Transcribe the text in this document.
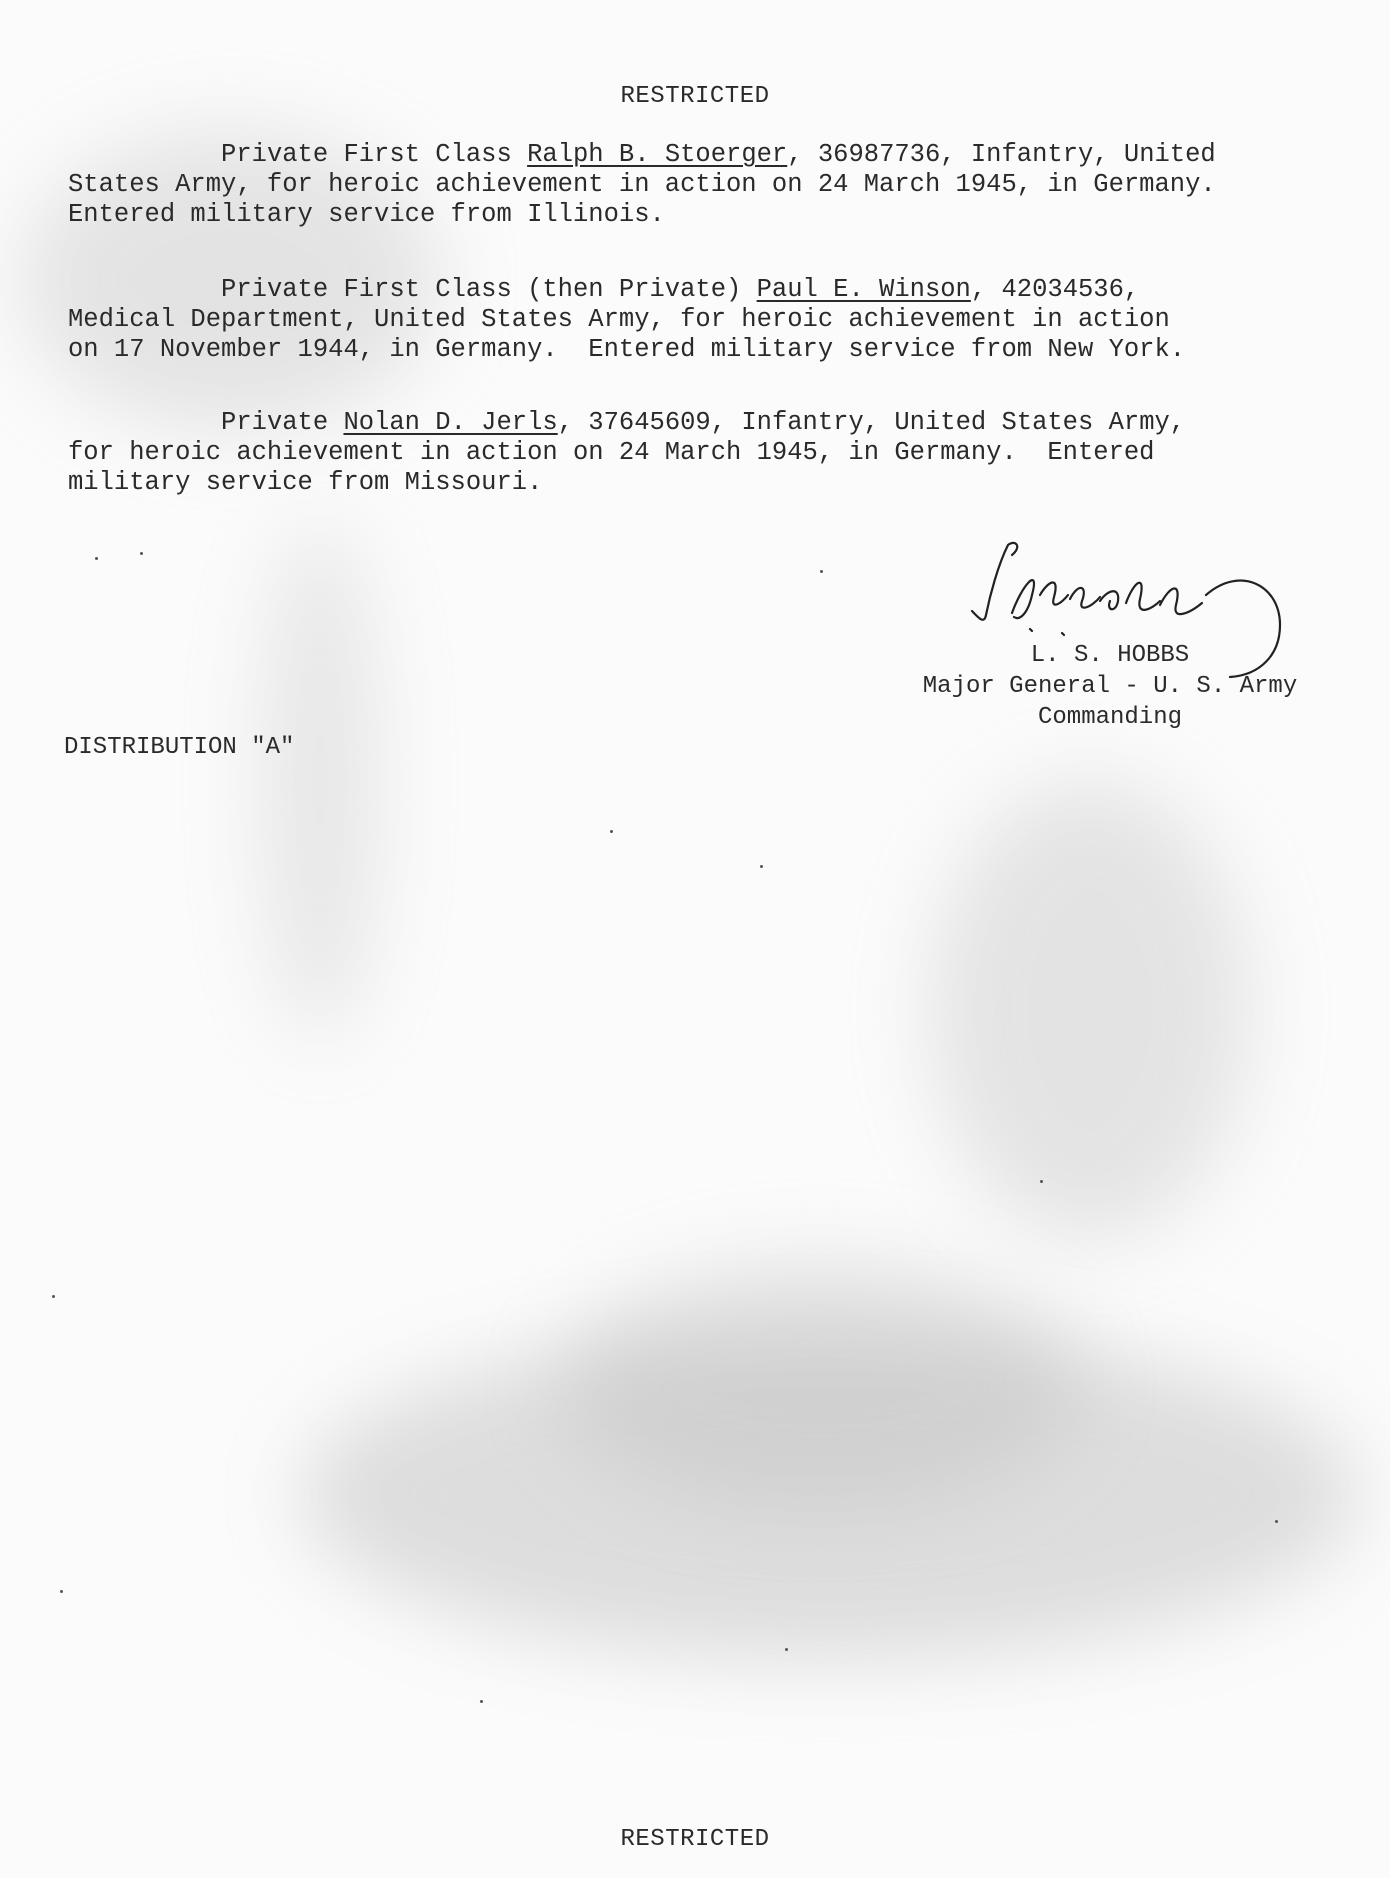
RESTRICTED

Private First Class Ralph B. Stoerger, 36987736, Infantry, United
States Army, for heroic achievement in action on 24 March 1945, in Germany.
Entered military service from Illinois.

Private First Class (then Private) Paul E. Winson, 42034536,
Medical Department, United States Army, for heroic achievement in action
on 17 November 1944, in Germany.  Entered military service from New York.

Private Nolan D. Jerls, 37645609, Infantry, United States Army,
for heroic achievement in action on 24 March 1945, in Germany.  Entered
military service from Missouri.

L. S. HOBBS
Major General - U. S. Army
Commanding
DISTRIBUTION "A"
RESTRICTED
